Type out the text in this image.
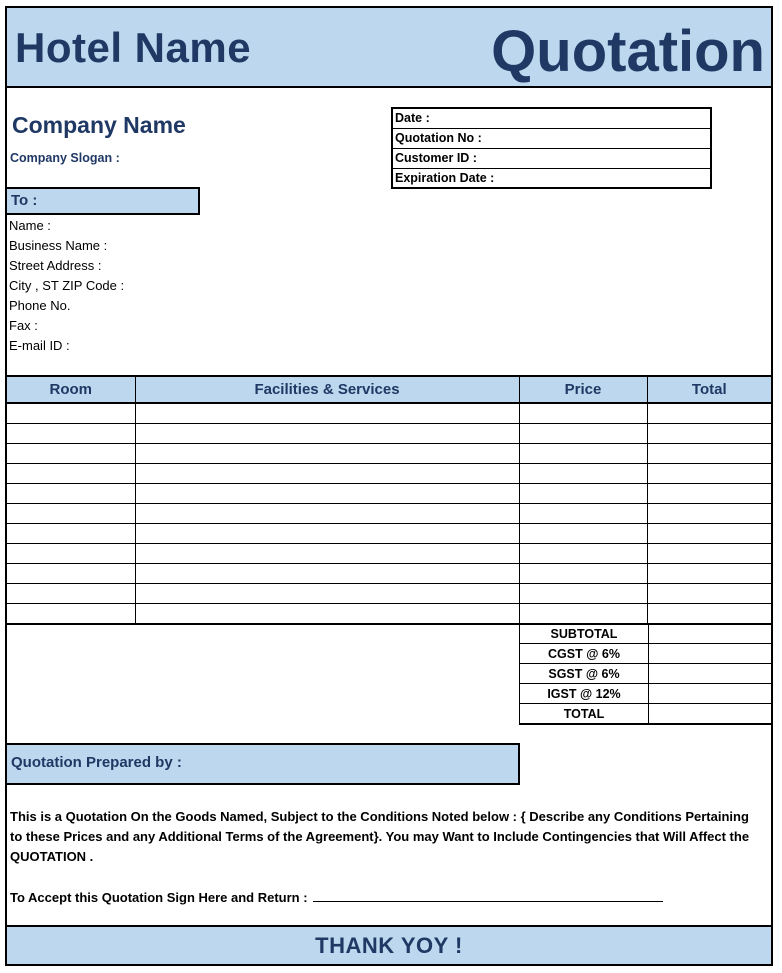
Hotel Name	Quotation
Company Name
Company Slogan :
Date :
Quotation No :
Customer ID :
Expiration Date :
To :
Name :
Business Name :
Street Address :
City , ST ZIP Code :
Phone No.
Fax :
E-mail ID :
Room	Facilities & Services	Price	Total

SUBTOTAL	
CGST @ 6%	
SGST @ 6%	
IGST @ 12%	
TOTAL	
Quotation Prepared by :
This is a Quotation On the Goods Named, Subject to the Conditions Noted below : { Describe any Conditions Pertaining to these Prices and any Additional Terms of the Agreement}. You may Want to Include Contingencies that Will Affect the QUOTATION .
To Accept this Quotation Sign Here and Return :
THANK YOY !
